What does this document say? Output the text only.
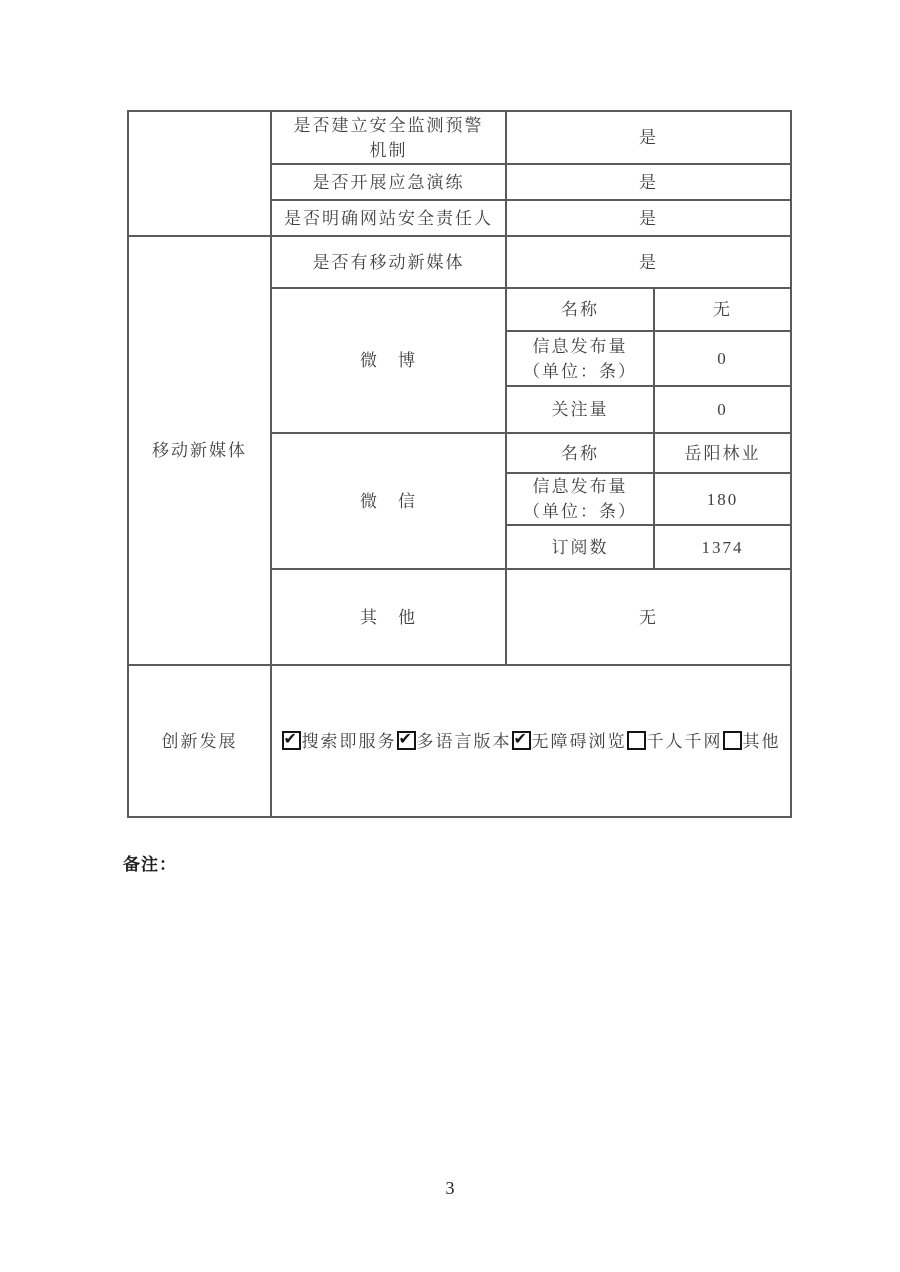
	是否建立安全监测预警
机制	是	
	是否开展应急演练	是	
	是否明确网站安全责任人	是	
移动新媒体	是否有移动新媒体	是	
	微　博	名称	无

		信息发布量
（单位：条）	0
		关注量	0
	微　信	名称	岳阳林业

		信息发布量
（单位：条）	180
		订阅数	1374
	其　他	无	
创新发展	✔搜索即服务 ✔ 多语言版本 ✔ 无障碍浏览 千人千网 其他
备注：
3
